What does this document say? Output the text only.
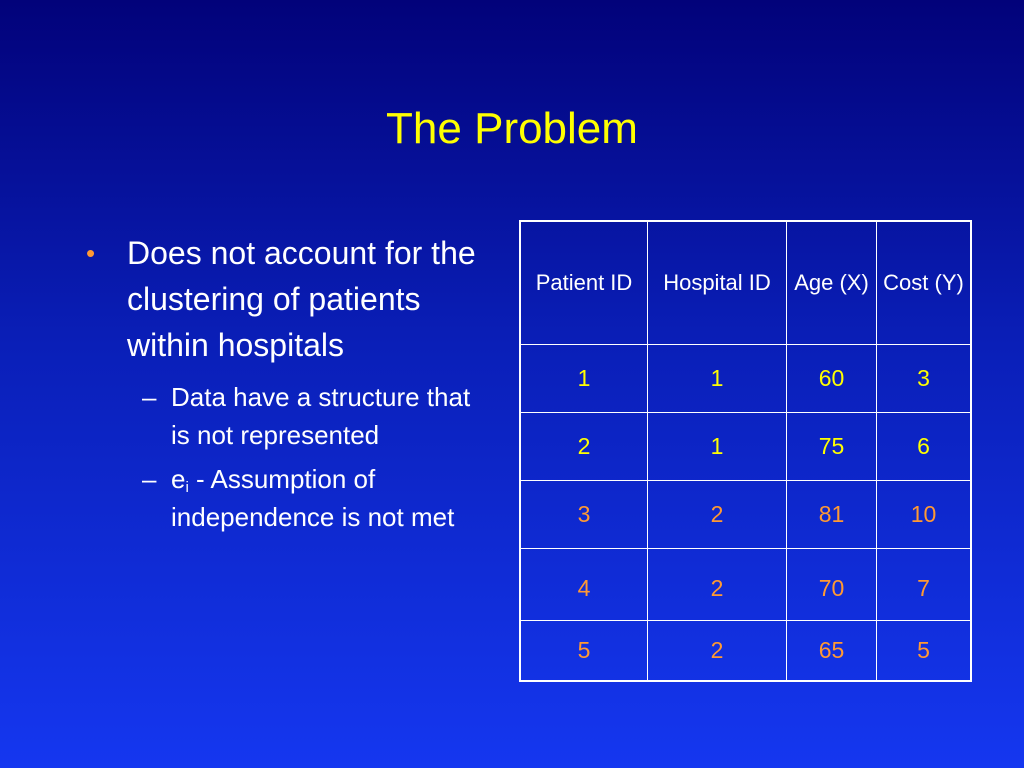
The Problem
• Does not account for the clustering of patients within hospitals
– Data have a structure that is not represented
– $e_i$ - Assumption of independence is not met
Patient ID	Hospital ID	Age (X)	Cost (Y)
1	1	60	3
2	1	75	6
3	2	81	10
4	2	70	7
5	2	65	5
